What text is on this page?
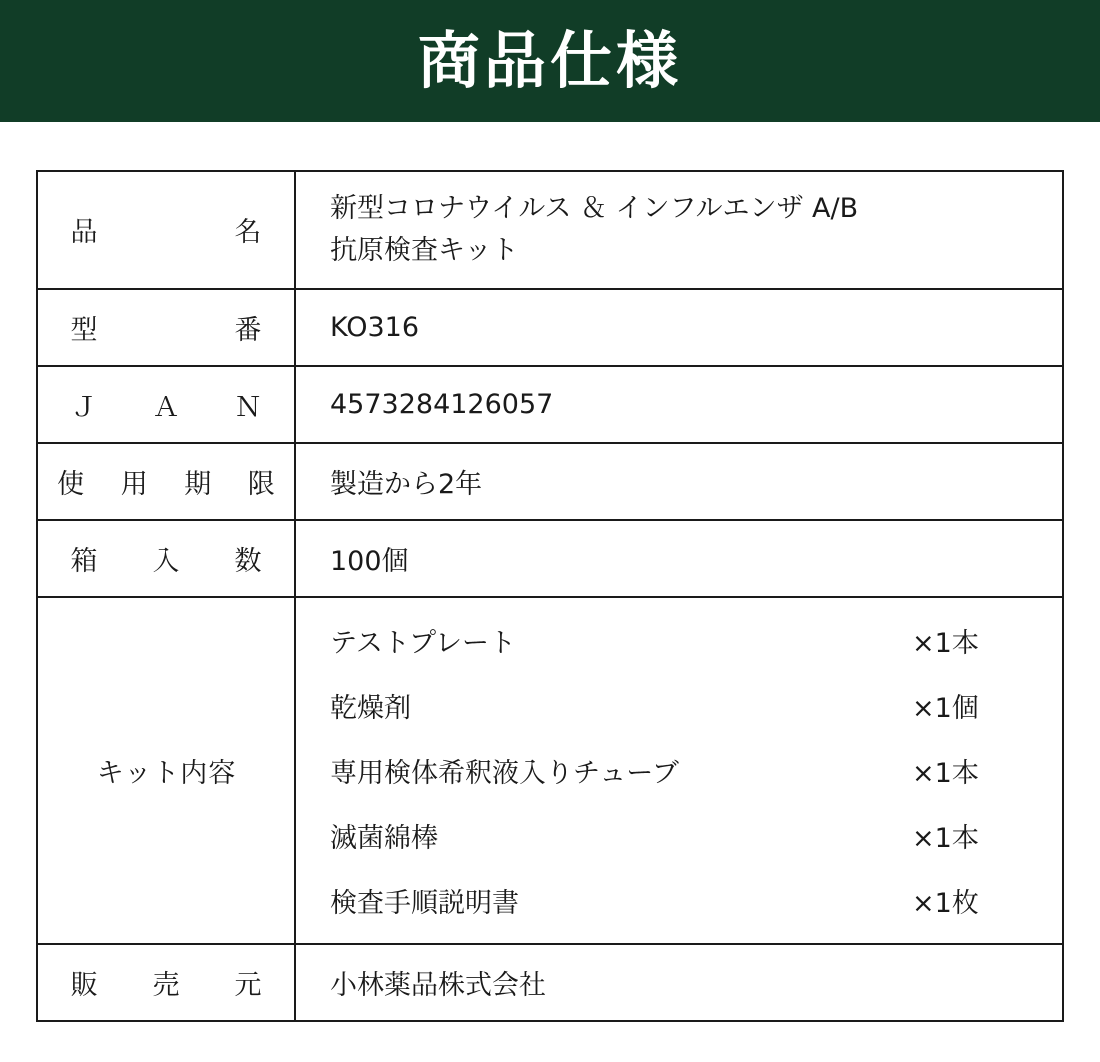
商品仕様
品　　　名	新型コロナウイルス ＆ インフルエンザ A/B
抗原検査キット

型　　　番	KO316
Ｊ　Ａ　Ｎ	4573284126057
使 用 期 限	製造から2年
箱　入　数	100個
キット内容	
テストプレート	×1本
乾燥剤	×1個
専用検体希釈液入りチューブ	×1本
滅菌綿棒	×1本
検査手順説明書	×1枚

販　売　元	小林薬品株式会社
